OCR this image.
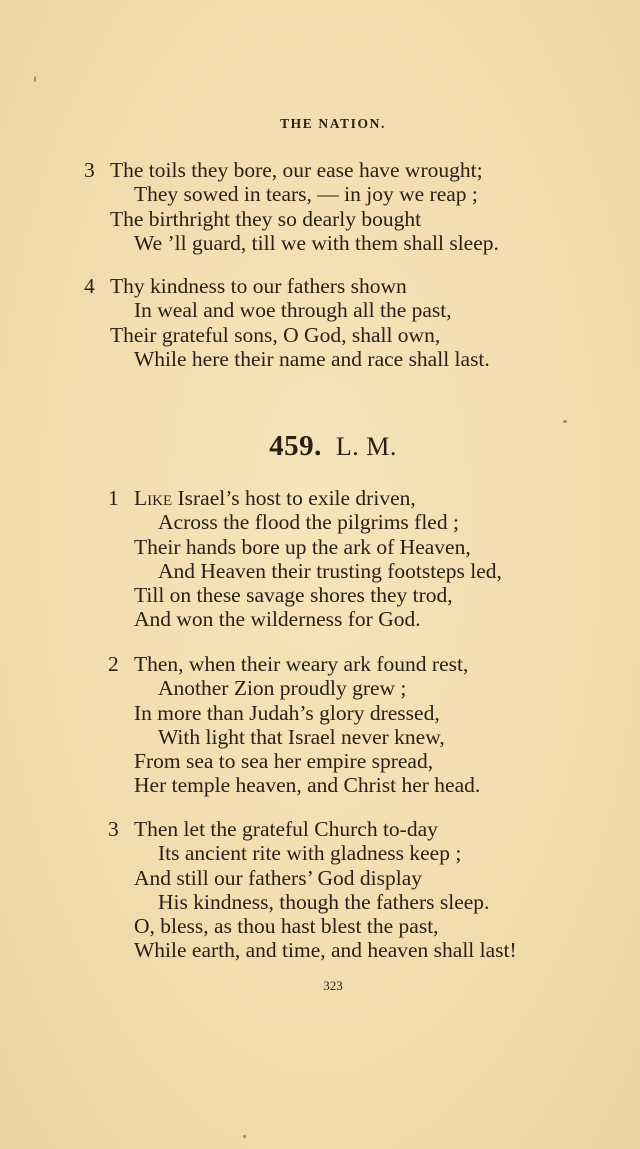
THE NATION.
3 The toils they bore, our ease have wrought;
They sowed in tears, — in joy we reap ;
The birthright they so dearly bought
We ’ll guard, till we with them shall sleep.
4 Thy kindness to our fathers shown
In weal and woe through all the past,
Their grateful sons, O God, shall own,
While here their name and race shall last.
459. L. M.
1 Like Israel’s host to exile driven,
Across the flood the pilgrims fled ;
Their hands bore up the ark of Heaven,
And Heaven their trusting footsteps led,
Till on these savage shores they trod,
And won the wilderness for God.
2 Then, when their weary ark found rest,
Another Zion proudly grew ;
In more than Judah’s glory dressed,
With light that Israel never knew,
From sea to sea her empire spread,
Her temple heaven, and Christ her head.
3 Then let the grateful Church to-day
Its ancient rite with gladness keep ;
And still our fathers’ God display
His kindness, though the fathers sleep.
O, bless, as thou hast blest the past,
While earth, and time, and heaven shall last!
323
